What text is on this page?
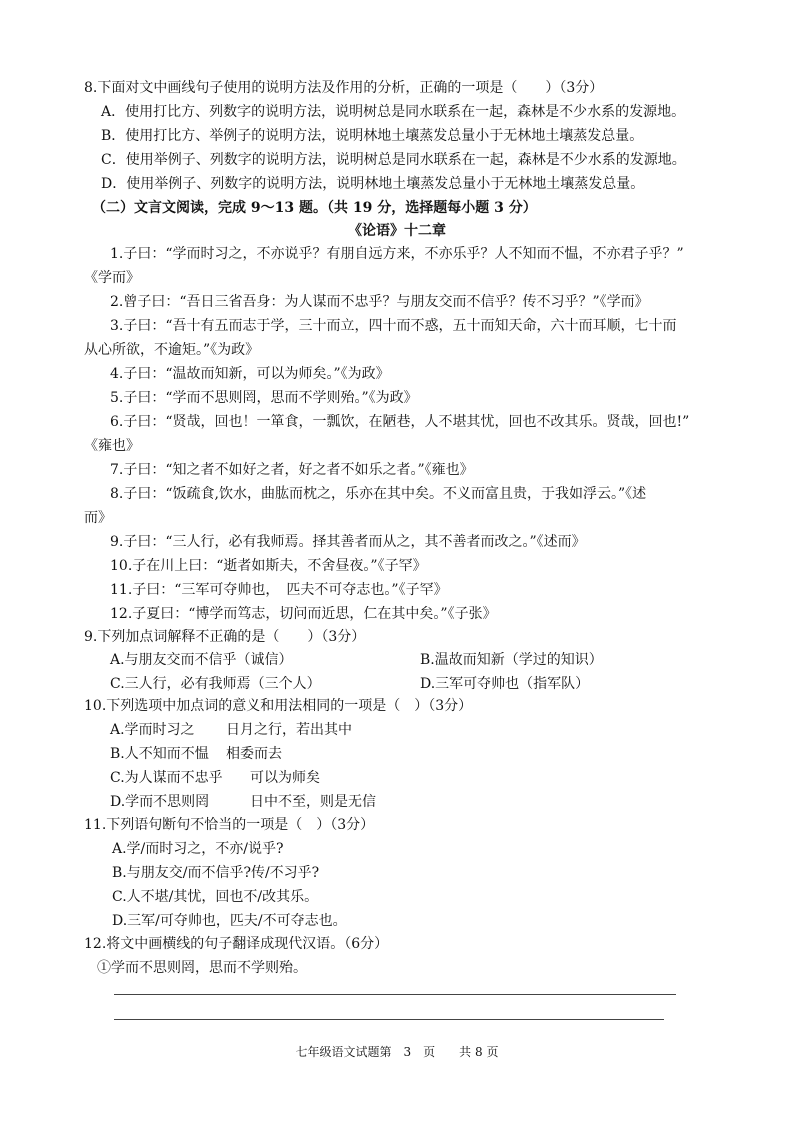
8.下面对文中画线句子使用的说明方法及作用的分析，正确的一项是（　　）（3分）
A．使用打比方、列数字的说明方法，说明树总是同水联系在一起，森林是不少水系的发源地。
B．使用打比方、举例子的说明方法，说明林地土壤蒸发总量小于无林地土壤蒸发总量。
C．使用举例子、列数字的说明方法，说明树总是同水联系在一起，森林是不少水系的发源地。
D．使用举例子、列数字的说明方法，说明林地土壤蒸发总量小于无林地土壤蒸发总量。
（二）文言文阅读，完成 9～13 题。（共 19 分，选择题每小题 3 分）
《论语》十二章
1.子曰：“学而时习之，不亦说乎？有朋自远方来，不亦乐乎？人不知而不愠，不亦君子乎？”
《学而》
2.曾子曰：“吾日三省吾身：为人谋而不忠乎？与朋友交而不信乎？传不习乎？”《学而》
3.子曰：“吾十有五而志于学，三十而立，四十而不惑，五十而知天命，六十而耳顺，七十而
从心所欲，不逾矩。”《为政》
4.子曰：“温故而知新，可以为师矣。”《为政》
5.子曰：“学而不思则罔，思而不学则殆。”《为政》
6.子曰：“贤哉，回也！一箪食，一瓢饮，在陋巷，人不堪其忧，回也不改其乐。贤哉，回也!”
《雍也》
7.子曰：“知之者不如好之者，好之者不如乐之者。”《雍也》
8.子曰：“饭疏食,饮水，曲肱而枕之，乐亦在其中矣。不义而富且贵，于我如浮云。”《述
而》
9.子曰：“三人行，必有我师焉。择其善者而从之，其不善者而改之。”《述而》
10.子在川上曰：“逝者如斯夫，不舍昼夜。”《子罕》
11.子曰：“三军可夺帅也，　匹夫不可夺志也。”《子罕》
12.子夏曰：“博学而笃志，切问而近思，仁在其中矣。”《子张》
9.下列加点词解释不正确的是（　　）（3分）
A.与朋友交而不信乎（诚信）	B.温故而知新（学过的知识）
C.三人行，必有我师焉（三个人）	D.三军可夺帅也（指军队）
10.下列选项中加点词的意义和用法相同的一项是（　）（3分）
A.学而时习之 日月之行，若出其中
B.人不知而不愠 相委而去
C.为人谋而不忠乎 可以为师矣
D.学而不思则罔	日中不至，则是无信
11.下列语句断句不恰当的一项是（　）（3分）
A.学/而时习之，不亦/说乎?
B.与朋友交/而不信乎?传/不习乎?
C.人不堪/其忧，回也不/改其乐。
D.三军/可夺帅也，匹夫/不可夺志也。
12.将文中画横线的句子翻译成现代汉语。（6分）
①学而不思则罔，思而不学则殆。
七年级语文试题第　3　页　　共 8 页
